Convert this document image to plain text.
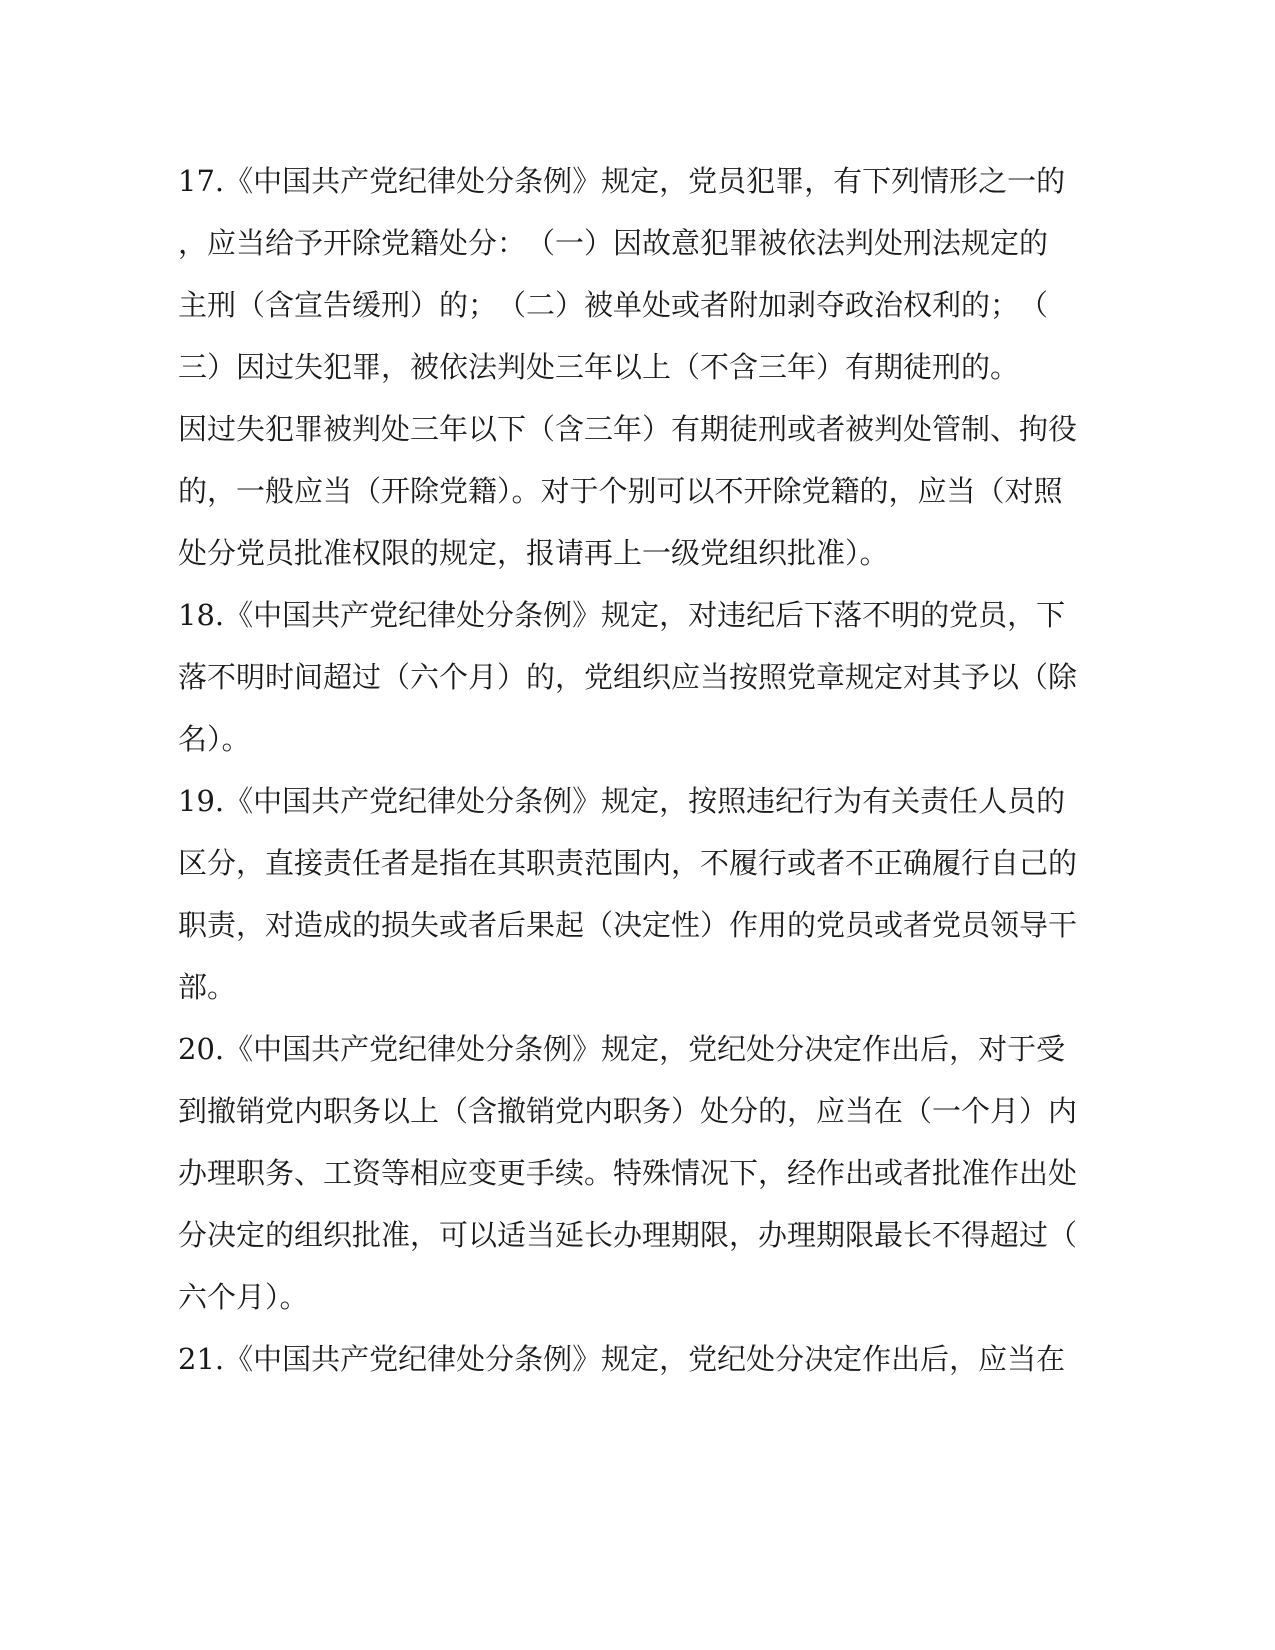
17.《中国共产党纪律处分条例》规定，党员犯罪，有下列情形之一的
，应当给予开除党籍处分：　（一）因故意犯罪被依法判处刑法规定的
主刑（含宣告缓刑）的；　（二）被单处或者附加剥夺政治权利的；　（
三）因过失犯罪，被依法判处三年以上（不含三年）有期徒刑的。
因过失犯罪被判处三年以下（含三年）有期徒刑或者被判处管制、拘役
的，一般应当（开除党籍）。对于个别可以不开除党籍的，应当（对照
处分党员批准权限的规定，报请再上一级党组织批准）。
18.《中国共产党纪律处分条例》规定，对违纪后下落不明的党员，下
落不明时间超过（六个月）的，党组织应当按照党章规定对其予以（除
名）。
19.《中国共产党纪律处分条例》规定，按照违纪行为有关责任人员的
区分，直接责任者是指在其职责范围内，不履行或者不正确履行自己的
职责，对造成的损失或者后果起（决定性）作用的党员或者党员领导干
部。
20.《中国共产党纪律处分条例》规定，党纪处分决定作出后，对于受
到撤销党内职务以上（含撤销党内职务）处分的，应当在（一个月）内
办理职务、工资等相应变更手续。特殊情况下，经作出或者批准作出处
分决定的组织批准，可以适当延长办理期限，办理期限最长不得超过（
六个月）。
21.《中国共产党纪律处分条例》规定，党纪处分决定作出后，应当在
